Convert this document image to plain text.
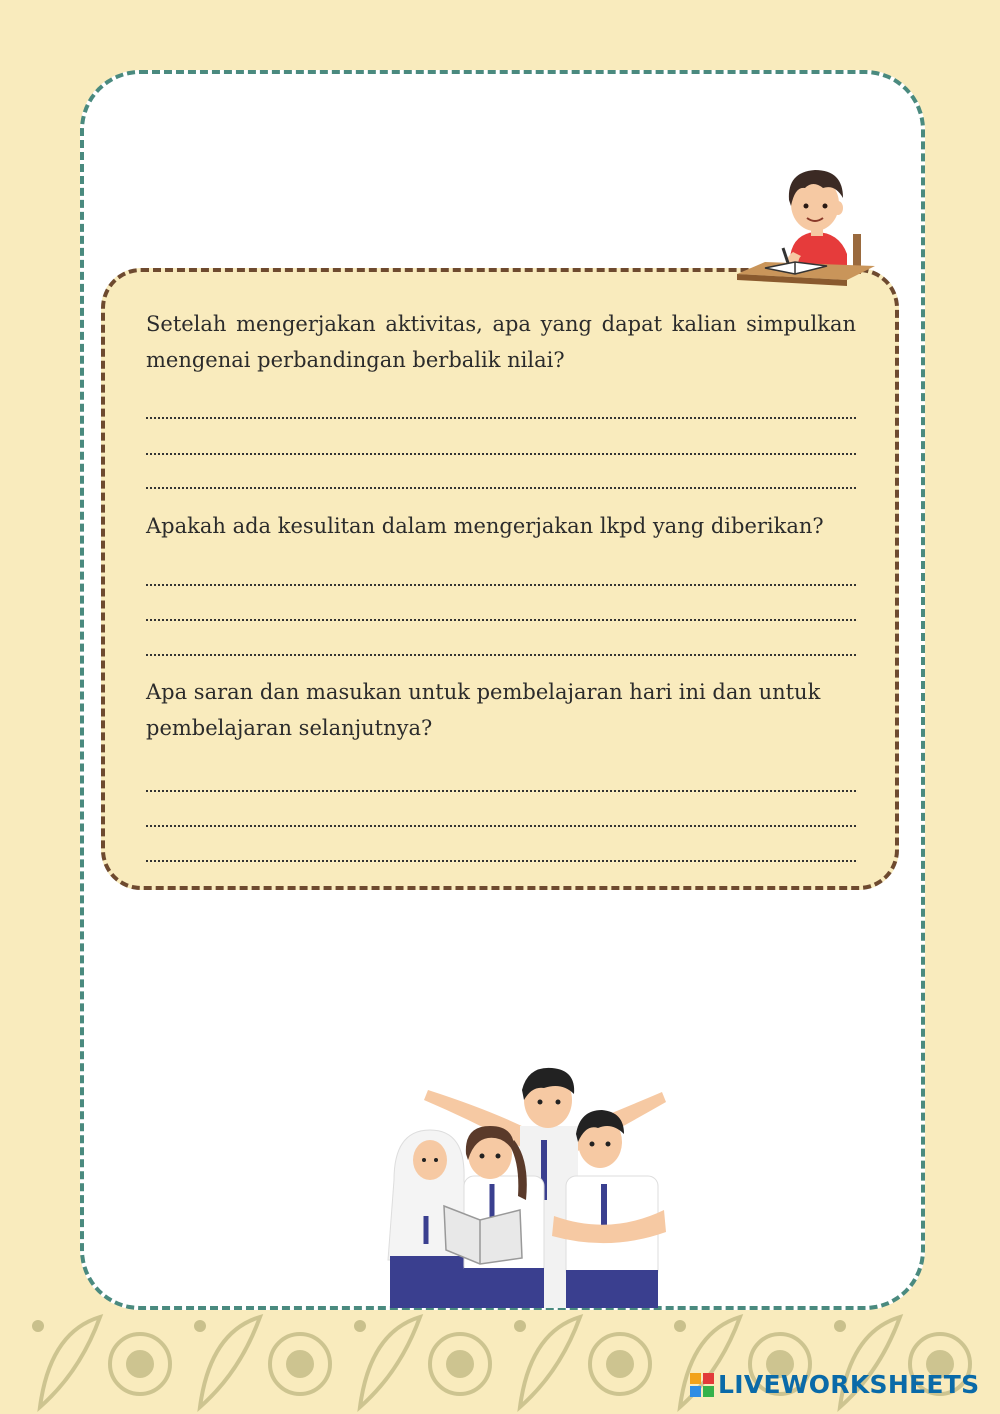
Setelah mengerjakan aktivitas, apa yang dapat kalian simpulkan mengenai perbandingan berbalik nilai?

Apakah ada kesulitan dalam mengerjakan lkpd yang diberikan?

Apa saran dan masukan untuk pembelajaran hari ini dan untuk pembelajaran selanjutnya?

LIVEWORKSHEETS
